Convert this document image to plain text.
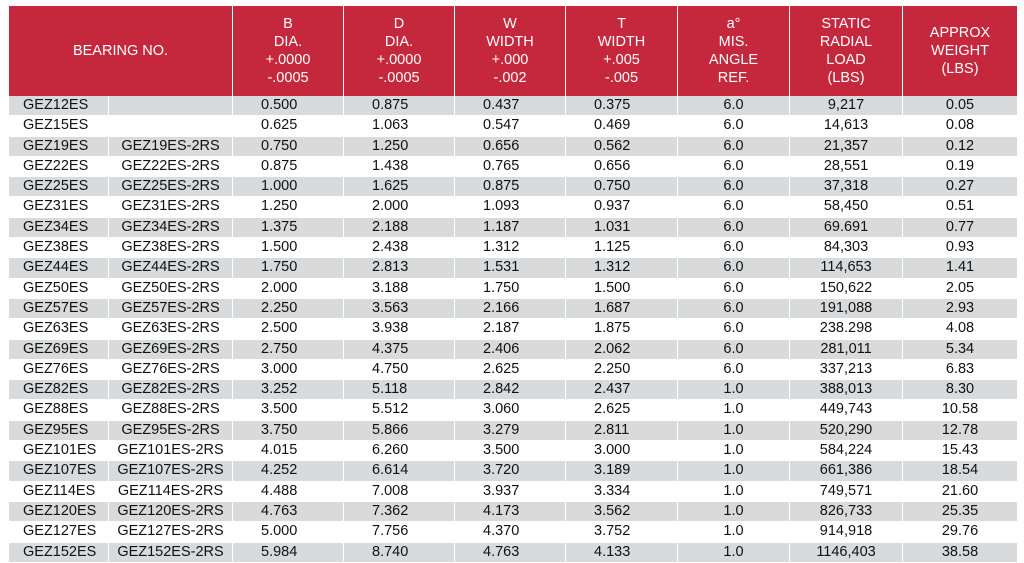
BEARING NO.		B
DIA.
+.0000
-.0005	D
DIA.
+.0000
-.0005	W
WIDTH
+.000
-.002	T
WIDTH
+.005
-.005	a°
MIS.
ANGLE
REF.	STATIC
RADIAL
LOAD
(LBS)	APPROX
WEIGHT
(LBS)

GEZ12ES		0.500	0.875	0.437	0.375	6.0	9,217	0.05
GEZ15ES		0.625	1.063	0.547	0.469	6.0	14,613	0.08
GEZ19ES	GEZ19ES-2RS	0.750	1.250	0.656	0.562	6.0	21,357	0.12
GEZ22ES	GEZ22ES-2RS	0.875	1.438	0.765	0.656	6.0	28,551	0.19
GEZ25ES	GEZ25ES-2RS	1.000	1.625	0.875	0.750	6.0	37,318	0.27
GEZ31ES	GEZ31ES-2RS	1.250	2.000	1.093	0.937	6.0	58,450	0.51
GEZ34ES	GEZ34ES-2RS	1.375	2.188	1.187	1.031	6.0	69.691	0.77
GEZ38ES	GEZ38ES-2RS	1.500	2.438	1.312	1.125	6.0	84,303	0.93
GEZ44ES	GEZ44ES-2RS	1.750	2.813	1.531	1.312	6.0	114,653	1.41
GEZ50ES	GEZ50ES-2RS	2.000	3.188	1.750	1.500	6.0	150,622	2.05
GEZ57ES	GEZ57ES-2RS	2.250	3.563	2.166	1.687	6.0	191,088	2.93
GEZ63ES	GEZ63ES-2RS	2.500	3.938	2.187	1.875	6.0	238.298	4.08
GEZ69ES	GEZ69ES-2RS	2.750	4.375	2.406	2.062	6.0	281,011	5.34
GEZ76ES	GEZ76ES-2RS	3.000	4.750	2.625	2.250	6.0	337,213	6.83
GEZ82ES	GEZ82ES-2RS	3.252	5.118	2.842	2.437	1.0	388,013	8.30
GEZ88ES	GEZ88ES-2RS	3.500	5.512	3.060	2.625	1.0	449,743	10.58
GEZ95ES	GEZ95ES-2RS	3.750	5.866	3.279	2.811	1.0	520,290	12.78
GEZ101ES	GEZ101ES-2RS	4.015	6.260	3.500	3.000	1.0	584,224	15.43
GEZ107ES	GEZ107ES-2RS	4.252	6.614	3.720	3.189	1.0	661,386	18.54
GEZ114ES	GEZ114ES-2RS	4.488	7.008	3.937	3.334	1.0	749,571	21.60
GEZ120ES	GEZ120ES-2RS	4.763	7.362	4.173	3.562	1.0	826,733	25.35
GEZ127ES	GEZ127ES-2RS	5.000	7.756	4.370	3.752	1.0	914,918	29.76
GEZ152ES	GEZ152ES-2RS	5.984	8.740	4.763	4.133	1.0	1146,403	38.58
